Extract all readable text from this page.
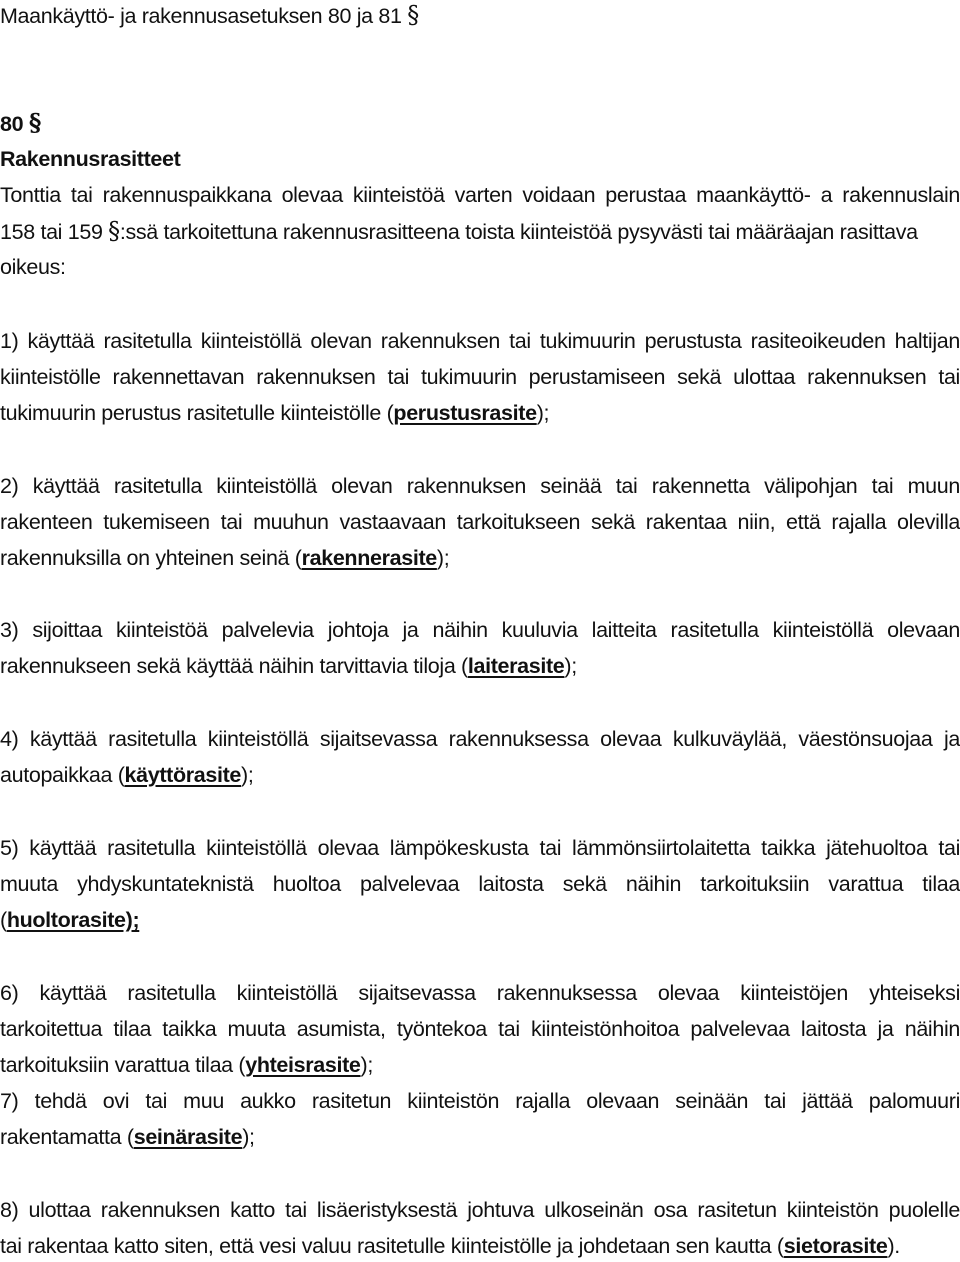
Maankäyttö- ja rakennusasetuksen 80 ja 81 §
80 §
Rakennusrasitteet
Tonttia tai rakennuspaikkana olevaa kiinteistöä varten voidaan perustaa maankäyttö- a rakennuslain
158 tai 159 §:ssä tarkoitettuna rakennusrasitteena toista kiinteistöä pysyvästi tai määräajan rasittava
oikeus:
1) käyttää rasitetulla kiinteistöllä olevan rakennuksen tai tukimuurin perustusta rasiteoikeuden haltijan
kiinteistölle rakennettavan rakennuksen tai tukimuurin perustamiseen sekä ulottaa rakennuksen tai
tukimuurin perustus rasitetulle kiinteistölle (perustusrasite);
2) käyttää rasitetulla kiinteistöllä olevan rakennuksen seinää tai rakennetta välipohjan tai muun
rakenteen tukemiseen tai muuhun vastaavaan tarkoitukseen sekä rakentaa niin, että rajalla olevilla
rakennuksilla on yhteinen seinä (rakennerasite);
3) sijoittaa kiinteistöä palvelevia johtoja ja näihin kuuluvia laitteita rasitetulla kiinteistöllä olevaan
rakennukseen sekä käyttää näihin tarvittavia tiloja (laiterasite);
4) käyttää rasitetulla kiinteistöllä sijaitsevassa rakennuksessa olevaa kulkuväylää, väestönsuojaa ja
autopaikkaa (käyttörasite);
5) käyttää rasitetulla kiinteistöllä olevaa lämpökeskusta tai lämmönsiirtolaitetta taikka jätehuoltoa tai
muuta yhdyskuntateknistä huoltoa palvelevaa laitosta sekä näihin tarkoituksiin varattua tilaa
(huoltorasite);
6) käyttää rasitetulla kiinteistöllä sijaitsevassa rakennuksessa olevaa kiinteistöjen yhteiseksi
tarkoitettua tilaa taikka muuta asumista, työntekoa tai kiinteistönhoitoa palvelevaa laitosta ja näihin
tarkoituksiin varattua tilaa (yhteisrasite);
7) tehdä ovi tai muu aukko rasitetun kiinteistön rajalla olevaan seinään tai jättää palomuuri
rakentamatta (seinärasite);
8) ulottaa rakennuksen katto tai lisäeristyksestä johtuva ulkoseinän osa rasitetun kiinteistön puolelle
tai rakentaa katto siten, että vesi valuu rasitetulle kiinteistölle ja johdetaan sen kautta (sietorasite).
